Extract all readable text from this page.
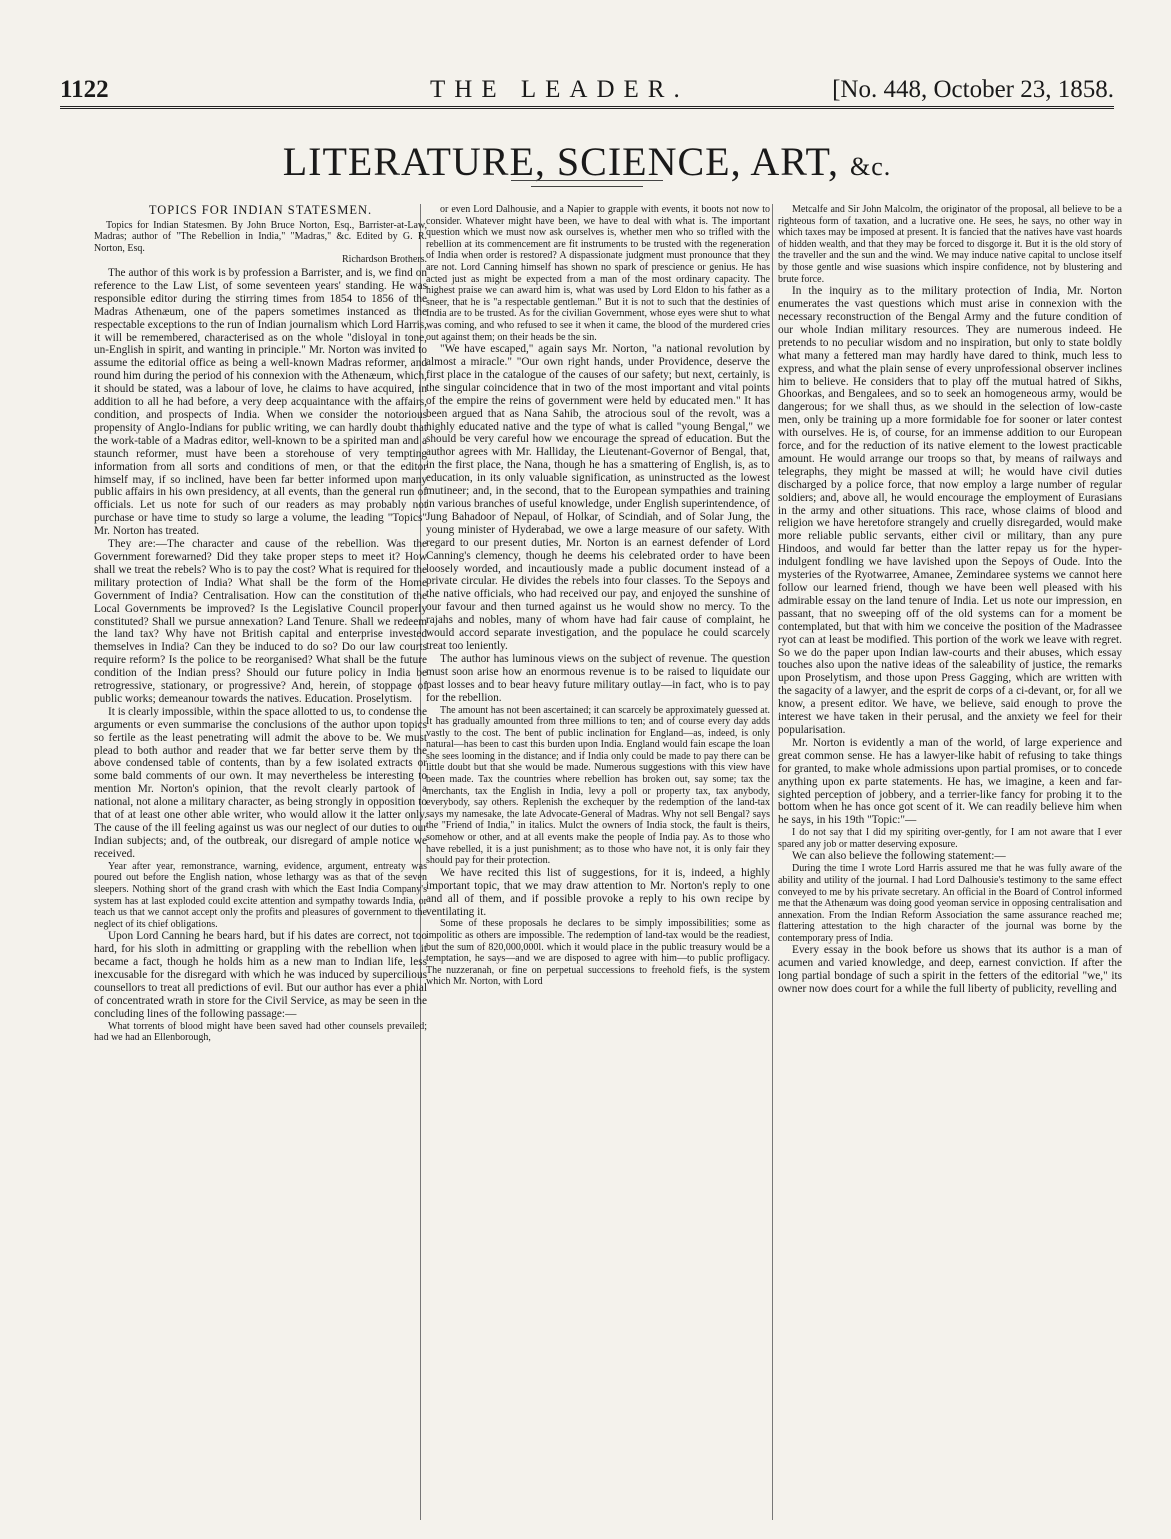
1122	THE LEADER.	[No. 448, October 23, 1858.
LITERATURE, SCIENCE, ART, &c.
TOPICS FOR INDIAN STATESMEN.

Topics for Indian Statesmen. By John Bruce Norton, Esq., Barrister-at-Law, Madras; author of "The Rebellion in India," "Madras," &c. Edited by G. R. Norton, Esq.

Richardson Brothers.

The author of this work is by profession a Barrister, and is, we find on reference to the Law List, of some seventeen years' standing. He was responsible editor during the stirring times from 1854 to 1856 of the Madras Athenæum, one of the papers sometimes instanced as the respectable exceptions to the run of Indian journalism which Lord Harris, it will be remembered, characterised as on the whole "disloyal in tone, un-English in spirit, and wanting in principle." Mr. Norton was invited to assume the editorial office as being a well-known Madras reformer, and round him during the period of his connexion with the Athenæum, which, it should be stated, was a labour of love, he claims to have acquired, in addition to all he had before, a very deep acquaintance with the affairs, condition, and prospects of India. When we consider the notorious propensity of Anglo-Indians for public writing, we can hardly doubt that the work-table of a Madras editor, well-known to be a spirited man and a staunch reformer, must have been a storehouse of very tempting information from all sorts and conditions of men, or that the editor himself may, if so inclined, have been far better informed upon many public affairs in his own presidency, at all events, than the general run of officials. Let us note for such of our readers as may probably not purchase or have time to study so large a volume, the leading "Topics" Mr. Norton has treated.

They are:—The character and cause of the rebellion. Was the Government forewarned? Did they take proper steps to meet it? How shall we treat the rebels? Who is to pay the cost? What is required for the military protection of India? What shall be the form of the Home Government of India? Centralisation. How can the constitution of the Local Governments be improved? Is the Legislative Council properly constituted? Shall we pursue annexation? Land Tenure. Shall we redeem the land tax? Why have not British capital and enterprise invested themselves in India? Can they be induced to do so? Do our law courts require reform? Is the police to be reorganised? What shall be the future condition of the Indian press? Should our future policy in India be retrogressive, stationary, or progressive? And, herein, of stoppage of public works; demeanour towards the natives. Education. Proselytism.

It is clearly impossible, within the space allotted to us, to condense the arguments or even summarise the conclusions of the author upon topics so fertile as the least penetrating will admit the above to be. We must plead to both author and reader that we far better serve them by the above condensed table of contents, than by a few isolated extracts or some bald comments of our own. It may nevertheless be interesting to mention Mr. Norton's opinion, that the revolt clearly partook of a national, not alone a military character, as being strongly in opposition to that of at least one other able writer, who would allow it the latter only. The cause of the ill feeling against us was our neglect of our duties to our Indian subjects; and, of the outbreak, our disregard of ample notice we received.

Year after year, remonstrance, warning, evidence, argument, entreaty was poured out before the English nation, whose lethargy was as that of the seven sleepers. Nothing short of the grand crash with which the East India Company's system has at last exploded could excite attention and sympathy towards India, or teach us that we cannot accept only the profits and pleasures of government to the neglect of its chief obligations.

Upon Lord Canning he bears hard, but if his dates are correct, not too hard, for his sloth in admitting or grappling with the rebellion when it became a fact, though he holds him as a new man to Indian life, less inexcusable for the disregard with which he was induced by supercilious counsellors to treat all predictions of evil. But our author has ever a phial of concentrated wrath in store for the Civil Service, as may be seen in the concluding lines of the following passage:—

What torrents of blood might have been saved had other counsels prevailed; had we had an Ellenborough,

or even Lord Dalhousie, and a Napier to grapple with events, it boots not now to consider. Whatever might have been, we have to deal with what is. The important question which we must now ask ourselves is, whether men who so trifled with the rebellion at its commencement are fit instruments to be trusted with the regeneration of India when order is restored? A dispassionate judgment must pronounce that they are not. Lord Canning himself has shown no spark of prescience or genius. He has acted just as might be expected from a man of the most ordinary capacity. The highest praise we can award him is, what was used by Lord Eldon to his father as a sneer, that he is "a respectable gentleman." But it is not to such that the destinies of India are to be trusted. As for the civilian Government, whose eyes were shut to what was coming, and who refused to see it when it came, the blood of the murdered cries out against them; on their heads be the sin.

"We have escaped," again says Mr. Norton, "a national revolution by almost a miracle." "Our own right hands, under Providence, deserve the first place in the catalogue of the causes of our safety; but next, certainly, is the singular coincidence that in two of the most important and vital points of the empire the reins of government were held by educated men." It has been argued that as Nana Sahib, the atrocious soul of the revolt, was a highly educated native and the type of what is called "young Bengal," we should be very careful how we encourage the spread of education. But the author agrees with Mr. Halliday, the Lieutenant-Governor of Bengal, that, in the first place, the Nana, though he has a smattering of English, is, as to education, in its only valuable signification, as uninstructed as the lowest mutineer; and, in the second, that to the European sympathies and training in various branches of useful knowledge, under English superintendence, of Jung Bahadoor of Nepaul, of Holkar, of Scindiah, and of Solar Jung, the young minister of Hyderabad, we owe a large measure of our safety. With regard to our present duties, Mr. Norton is an earnest defender of Lord Canning's clemency, though he deems his celebrated order to have been loosely worded, and incautiously made a public document instead of a private circular. He divides the rebels into four classes. To the Sepoys and the native officials, who had received our pay, and enjoyed the sunshine of our favour and then turned against us he would show no mercy. To the rajahs and nobles, many of whom have had fair cause of complaint, he would accord separate investigation, and the populace he could scarcely treat too leniently.

The author has luminous views on the subject of revenue. The question must soon arise how an enormous revenue is to be raised to liquidate our past losses and to bear heavy future military outlay—in fact, who is to pay for the rebellion.

The amount has not been ascertained; it can scarcely be approximately guessed at. It has gradually amounted from three millions to ten; and of course every day adds vastly to the cost. The bent of public inclination for England—as, indeed, is only natural—has been to cast this burden upon India. England would fain escape the loan she sees looming in the distance; and if India only could be made to pay there can be little doubt but that she would be made. Numerous suggestions with this view have been made. Tax the countries where rebellion has broken out, say some; tax the merchants, tax the English in India, levy a poll or property tax, tax anybody, everybody, say others. Replenish the exchequer by the redemption of the land-tax says my namesake, the late Advocate-General of Madras. Why not sell Bengal? says the "Friend of India," in italics. Mulct the owners of India stock, the fault is theirs, somehow or other, and at all events make the people of India pay. As to those who have rebelled, it is a just punishment; as to those who have not, it is only fair they should pay for their protection.

We have recited this list of suggestions, for it is, indeed, a highly important topic, that we may draw attention to Mr. Norton's reply to one and all of them, and if possible provoke a reply to his own recipe by ventilating it.

Some of these proposals he declares to be simply impossibilities; some as impolitic as others are impossible. The redemption of land-tax would be the readiest, but the sum of 820,000,000l. which it would place in the public treasury would be a temptation, he says—and we are disposed to agree with him—to public profligacy. The nuzzeranah, or fine on perpetual successions to freehold fiefs, is the system which Mr. Norton, with Lord

Metcalfe and Sir John Malcolm, the originator of the proposal, all believe to be a righteous form of taxation, and a lucrative one. He sees, he says, no other way in which taxes may be imposed at present. It is fancied that the natives have vast hoards of hidden wealth, and that they may be forced to disgorge it. But it is the old story of the traveller and the sun and the wind. We may induce native capital to unclose itself by those gentle and wise suasions which inspire confidence, not by blustering and brute force.

In the inquiry as to the military protection of India, Mr. Norton enumerates the vast questions which must arise in connexion with the necessary reconstruction of the Bengal Army and the future condition of our whole Indian military resources. They are numerous indeed. He pretends to no peculiar wisdom and no inspiration, but only to state boldly what many a fettered man may hardly have dared to think, much less to express, and what the plain sense of every unprofessional observer inclines him to believe. He considers that to play off the mutual hatred of Sikhs, Ghoorkas, and Bengalees, and so to seek an homogeneous army, would be dangerous; for we shall thus, as we should in the selection of low-caste men, only be training up a more formidable foe for sooner or later contest with ourselves. He is, of course, for an immense addition to our European force, and for the reduction of its native element to the lowest practicable amount. He would arrange our troops so that, by means of railways and telegraphs, they might be massed at will; he would have civil duties discharged by a police force, that now employ a large number of regular soldiers; and, above all, he would encourage the employment of Eurasians in the army and other situations. This race, whose claims of blood and religion we have heretofore strangely and cruelly disregarded, would make more reliable public servants, either civil or military, than any pure Hindoos, and would far better than the latter repay us for the hyper-indulgent fondling we have lavished upon the Sepoys of Oude. Into the mysteries of the Ryotwarree, Amanee, Zemindaree systems we cannot here follow our learned friend, though we have been well pleased with his admirable essay on the land tenure of India. Let us note our impression, en passant, that no sweeping off of the old systems can for a moment be contemplated, but that with him we conceive the position of the Madrassee ryot can at least be modified. This portion of the work we leave with regret. So we do the paper upon Indian law-courts and their abuses, which essay touches also upon the native ideas of the saleability of justice, the remarks upon Proselytism, and those upon Press Gagging, which are written with the sagacity of a lawyer, and the esprit de corps of a ci-devant, or, for all we know, a present editor. We have, we believe, said enough to prove the interest we have taken in their perusal, and the anxiety we feel for their popularisation.

Mr. Norton is evidently a man of the world, of large experience and great common sense. He has a lawyer-like habit of refusing to take things for granted, to make whole admissions upon partial promises, or to concede anything upon ex parte statements. He has, we imagine, a keen and far-sighted perception of jobbery, and a terrier-like fancy for probing it to the bottom when he has once got scent of it. We can readily believe him when he says, in his 19th "Topic:"—

I do not say that I did my spiriting over-gently, for I am not aware that I ever spared any job or matter deserving exposure.

We can also believe the following statement:—

During the time I wrote Lord Harris assured me that he was fully aware of the ability and utility of the journal. I had Lord Dalhousie's testimony to the same effect conveyed to me by his private secretary. An official in the Board of Control informed me that the Athenæum was doing good yeoman service in opposing centralisation and annexation. From the Indian Reform Association the same assurance reached me; flattering attestation to the high character of the journal was borne by the contemporary press of India.

Every essay in the book before us shows that its author is a man of acumen and varied knowledge, and deep, earnest conviction. If after the long partial bondage of such a spirit in the fetters of the editorial "we," its owner now does court for a while the full liberty of publicity, revelling and
